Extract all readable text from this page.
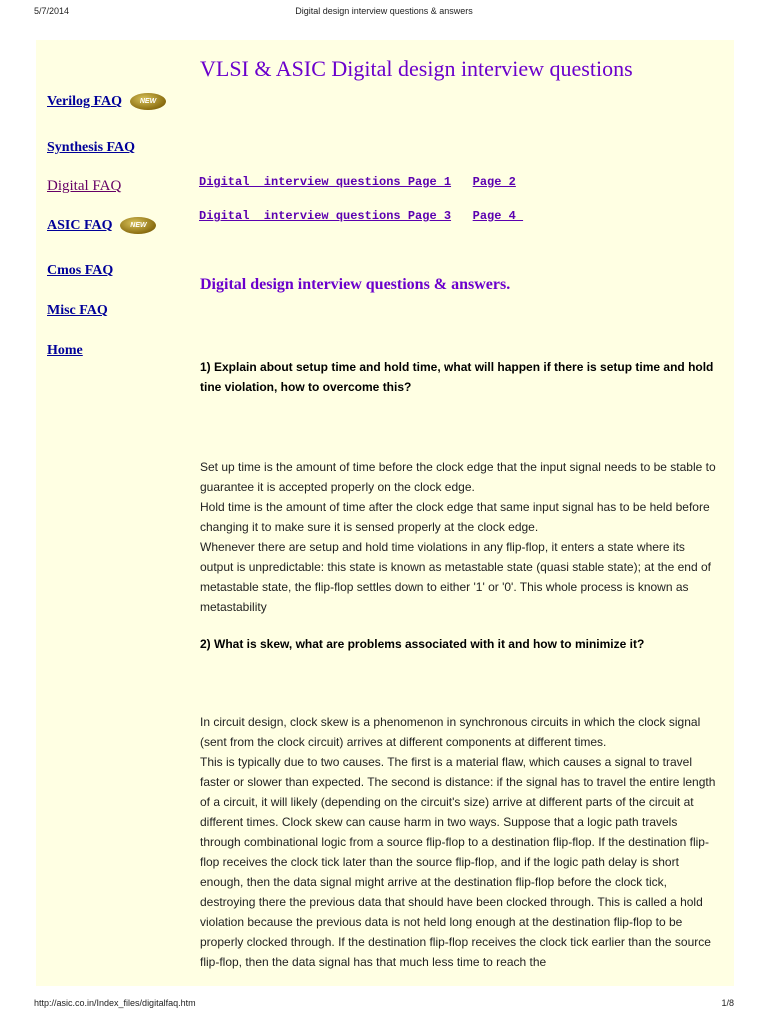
5/7/2014	Digital design interview questions & answers
Verilog FAQ	NEW
Synthesis FAQ
Digital FAQ
ASIC FAQ	NEW
Cmos FAQ
Misc FAQ
Home
VLSI & ASIC Digital design interview questions
Digital  interview questions Page 1 Page 2
Digital  interview questions Page 3 Page 4
Digital design interview questions & answers.
1) Explain about setup time and hold time, what will happen if there is setup time and hold tine violation, how to overcome this?

Set up time is the amount of time before the clock edge that the input signal needs to be stable to guarantee it is accepted properly on the clock edge.

Hold time is the amount of time after the clock edge that same input signal has to be held before changing it to make sure it is sensed properly at the clock edge.

Whenever there are setup and hold time violations in any flip-flop, it enters a state where its output is unpredictable: this state is known as metastable state (quasi stable state); at the end of metastable state, the flip-flop settles down to either '1' or '0'. This whole process is known as metastability

2) What is skew, what are problems associated with it and how to minimize it?

In circuit design, clock skew is a phenomenon in synchronous circuits in which the clock signal (sent from the clock circuit) arrives at different components at different times.

This is typically due to two causes. The first is a material flaw, which causes a signal to travel faster or slower than expected. The second is distance: if the signal has to travel the entire length of a circuit, it will likely (depending on the circuit's size) arrive at different parts of the circuit at different times. Clock skew can cause harm in two ways. Suppose that a logic path travels through combinational logic from a source flip-flop to a destination flip-flop. If the destination flip-flop receives the clock tick later than the source flip-flop, and if the logic path delay is short enough, then the data signal might arrive at the destination flip-flop before the clock tick, destroying there the previous data that should have been clocked through. This is called a hold violation because the previous data is not held long enough at the destination flip-flop to be properly clocked through. If the destination flip-flop receives the clock tick earlier than the source flip-flop, then the data signal has that much less time to reach the

http://asic.co.in/Index_files/digitalfaq.htm	1/8
